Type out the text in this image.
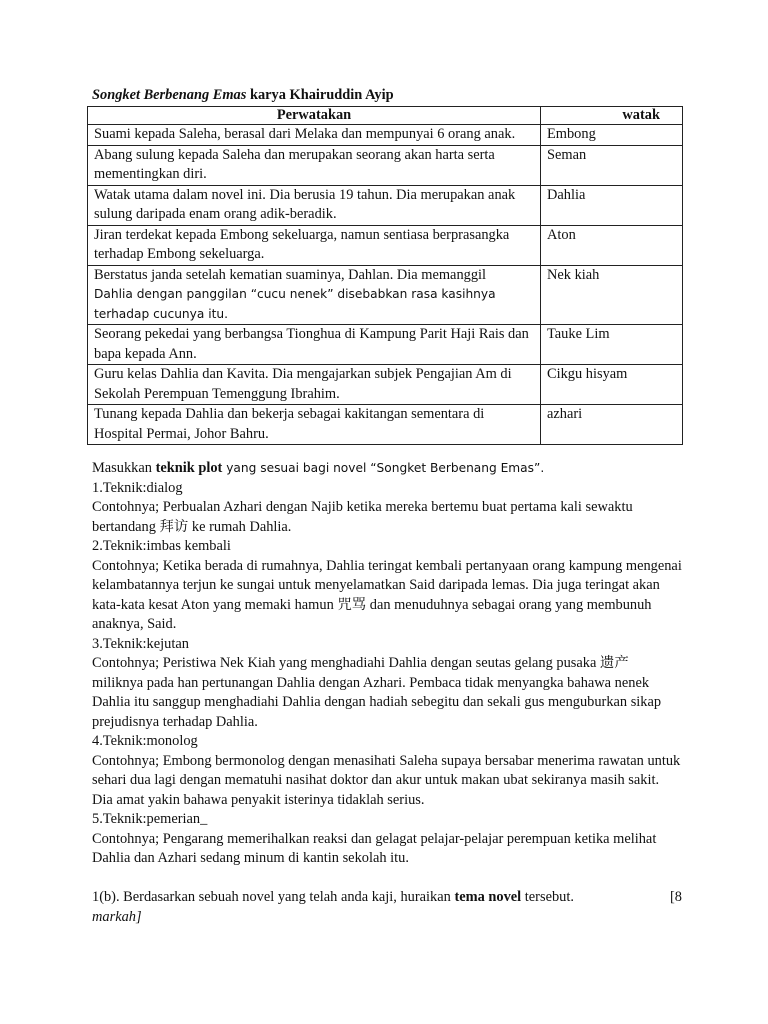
Songket Berbenang Emas karya Khairuddin Ayip
Perwatakan	watak
Suami kepada Saleha, berasal dari Melaka dan mempunyai 6 orang anak.	Embong
Abang sulung kepada Saleha dan merupakan seorang akan harta serta mementingkan diri.	Seman
Watak utama dalam novel ini. Dia berusia 19 tahun. Dia merupakan anak sulung daripada enam orang adik-beradik.	Dahlia
Jiran terdekat kepada Embong sekeluarga, namun sentiasa berprasangka terhadap Embong sekeluarga.	Aton
Berstatus janda setelah kematian suaminya, Dahlan. Dia memanggil
Dahlia dengan panggilan “cucu nenek” disebabkan rasa kasihnya
terhadap cucunya itu.	Nek kiah
Seorang pekedai yang berbangsa Tionghua di Kampung Parit Haji Rais dan bapa kepada Ann.	Tauke Lim
Guru kelas Dahlia dan Kavita. Dia mengajarkan subjek Pengajian Am di Sekolah Perempuan Temenggung Ibrahim.	Cikgu hisyam
Tunang kepada Dahlia dan bekerja sebagai kakitangan sementara di Hospital Permai, Johor Bahru.	azhari

Masukkan teknik plot yang sesuai bagi novel “Songket Berbenang Emas”.

1.Teknik:dialog

Contohnya; Perbualan Azhari dengan Najib ketika mereka bertemu buat pertama kali sewaktu bertandang 拜访 ke rumah Dahlia.

2.Teknik:imbas kembali

Contohnya; Ketika berada di rumahnya, Dahlia teringat kembali pertanyaan orang kampung mengenai kelambatannya terjun ke sungai untuk menyelamatkan Said daripada lemas. Dia juga teringat akan kata-kata kesat Aton yang memaki hamun 咒骂 dan menuduhnya sebagai orang yang membunuh anaknya, Said.

3.Teknik:kejutan

Contohnya; Peristiwa Nek Kiah yang menghadiahi Dahlia dengan seutas gelang pusaka 遗产 miliknya pada han pertunangan Dahlia dengan Azhari. Pembaca tidak menyangka bahawa nenek Dahlia itu sanggup menghadiahi Dahlia dengan hadiah sebegitu dan sekali gus menguburkan sikap prejudisnya terhadap Dahlia.

4.Teknik:monolog

Contohnya; Embong bermonolog dengan menasihati Saleha supaya bersabar menerima rawatan untuk sehari dua lagi dengan mematuhi nasihat doktor dan akur untuk makan ubat sekiranya masih sakit. Dia amat yakin bahawa penyakit isterinya tidaklah serius.

5.Teknik:pemerian_

Contohnya; Pengarang memerihalkan reaksi dan gelagat pelajar-pelajar perempuan ketika melihat Dahlia dan Azhari sedang minum di kantin sekolah itu.

1(b). Berdasarkan sebuah novel yang telah anda kaji, huraikan tema novel tersebut.	[8

markah]
